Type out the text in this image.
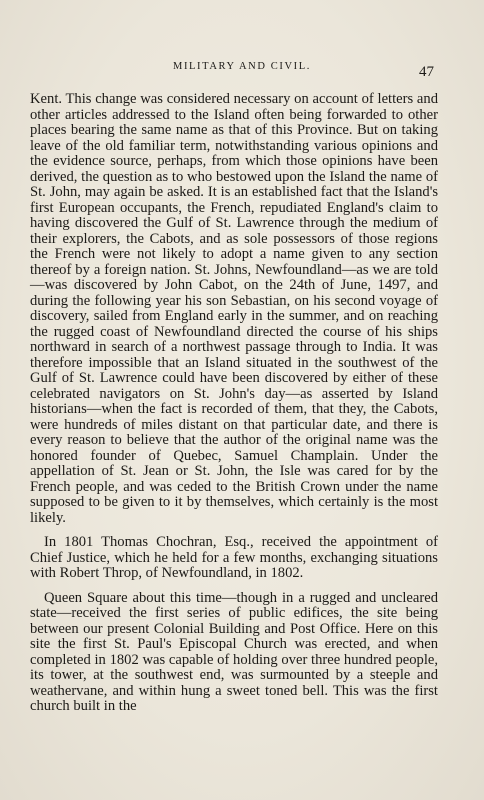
MILITARY AND CIVIL.	47

Kent. This change was considered necessary on account of letters and other articles addressed to the Island often being forwarded to other places bearing the same name as that of this Province. But on taking leave of the old familiar term, notwithstanding various opinions and the evidence source, perhaps, from which those opinions have been derived, the question as to who bestowed upon the Island the name of St. John, may again be asked. It is an established fact that the Island's first European occupants, the French, repudiated England's claim to having discovered the Gulf of St. Lawrence through the medium of their explorers, the Cabots, and as sole possessors of those regions the French were not likely to adopt a name given to any section thereof by a foreign nation. St. Johns, Newfoundland—as we are told—was discovered by John Cabot, on the 24th of June, 1497, and during the following year his son Sebastian, on his second voyage of discovery, sailed from England early in the summer, and on reaching the rugged coast of Newfoundland directed the course of his ships northward in search of a northwest passage through to India. It was therefore impossible that an Island situated in the southwest of the Gulf of St. Lawrence could have been discovered by either of these celebrated navigators on St. John's day—as asserted by Island historians—when the fact is recorded of them, that they, the Cabots, were hundreds of miles distant on that particular date, and there is every reason to believe that the author of the original name was the honored founder of Quebec, Samuel Champlain. Under the appellation of St. Jean or St. John, the Isle was cared for by the French people, and was ceded to the British Crown under the name supposed to be given to it by themselves, which certainly is the most likely.

In 1801 Thomas Chochran, Esq., received the appointment of Chief Justice, which he held for a few months, exchanging situations with Robert Throp, of Newfoundland, in 1802.

Queen Square about this time—though in a rugged and uncleared state—received the first series of public edifices, the site being between our present Colonial Building and Post Office. Here on this site the first St. Paul's Episcopal Church was erected, and when completed in 1802 was capable of holding over three hundred people, its tower, at the southwest end, was surmounted by a steeple and weathervane, and within hung a sweet toned bell. This was the first church built in the
